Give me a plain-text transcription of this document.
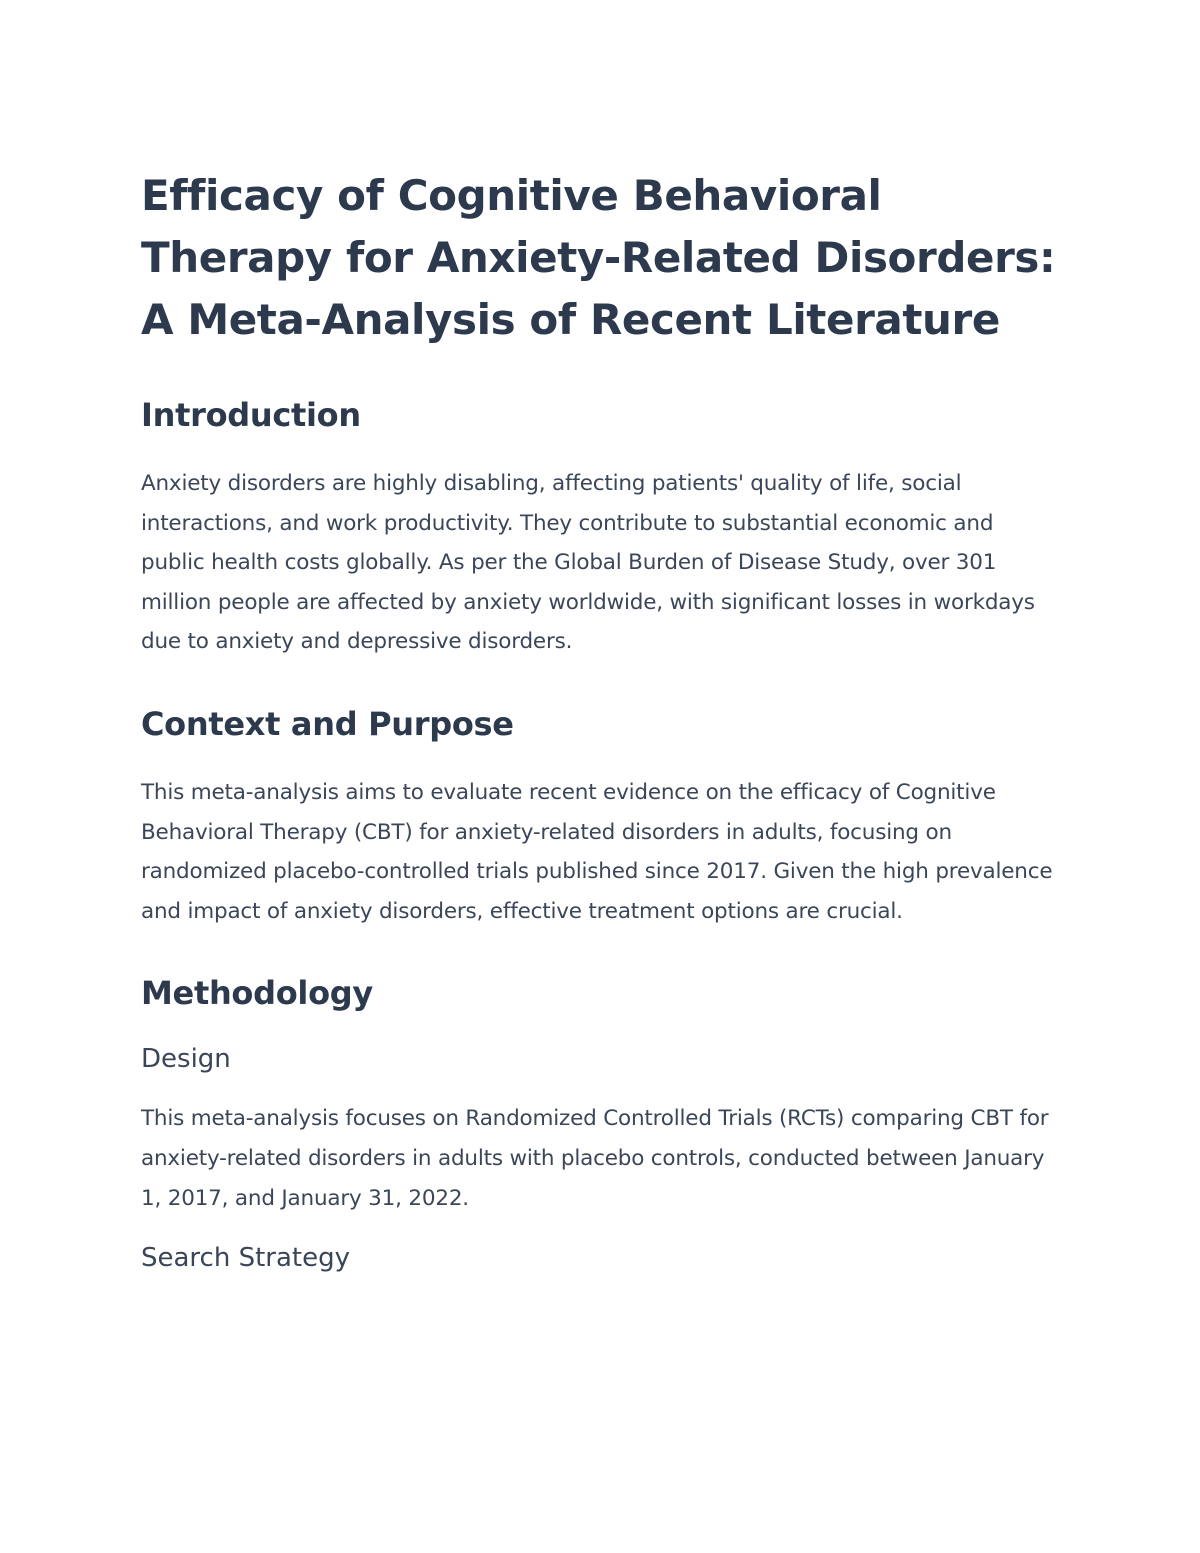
Efficacy of Cognitive Behavioral Therapy for Anxiety-Related Disorders: A Meta-Analysis of Recent Literature
Introduction

Anxiety disorders are highly disabling, affecting patients' quality of life, social interactions, and work productivity. They contribute to substantial economic and public health costs globally. As per the Global Burden of Disease Study, over 301 million people are affected by anxiety worldwide, with significant losses in workdays due to anxiety and depressive disorders.

Context and Purpose

This meta-analysis aims to evaluate recent evidence on the efficacy of Cognitive Behavioral Therapy (CBT) for anxiety-related disorders in adults, focusing on randomized placebo-controlled trials published since 2017. Given the high prevalence and impact of anxiety disorders, effective treatment options are crucial.

Methodology
Design

This meta-analysis focuses on Randomized Controlled Trials (RCTs) comparing CBT for anxiety-related disorders in adults with placebo controls, conducted between January 1, 2017, and January 31, 2022.

Search Strategy
